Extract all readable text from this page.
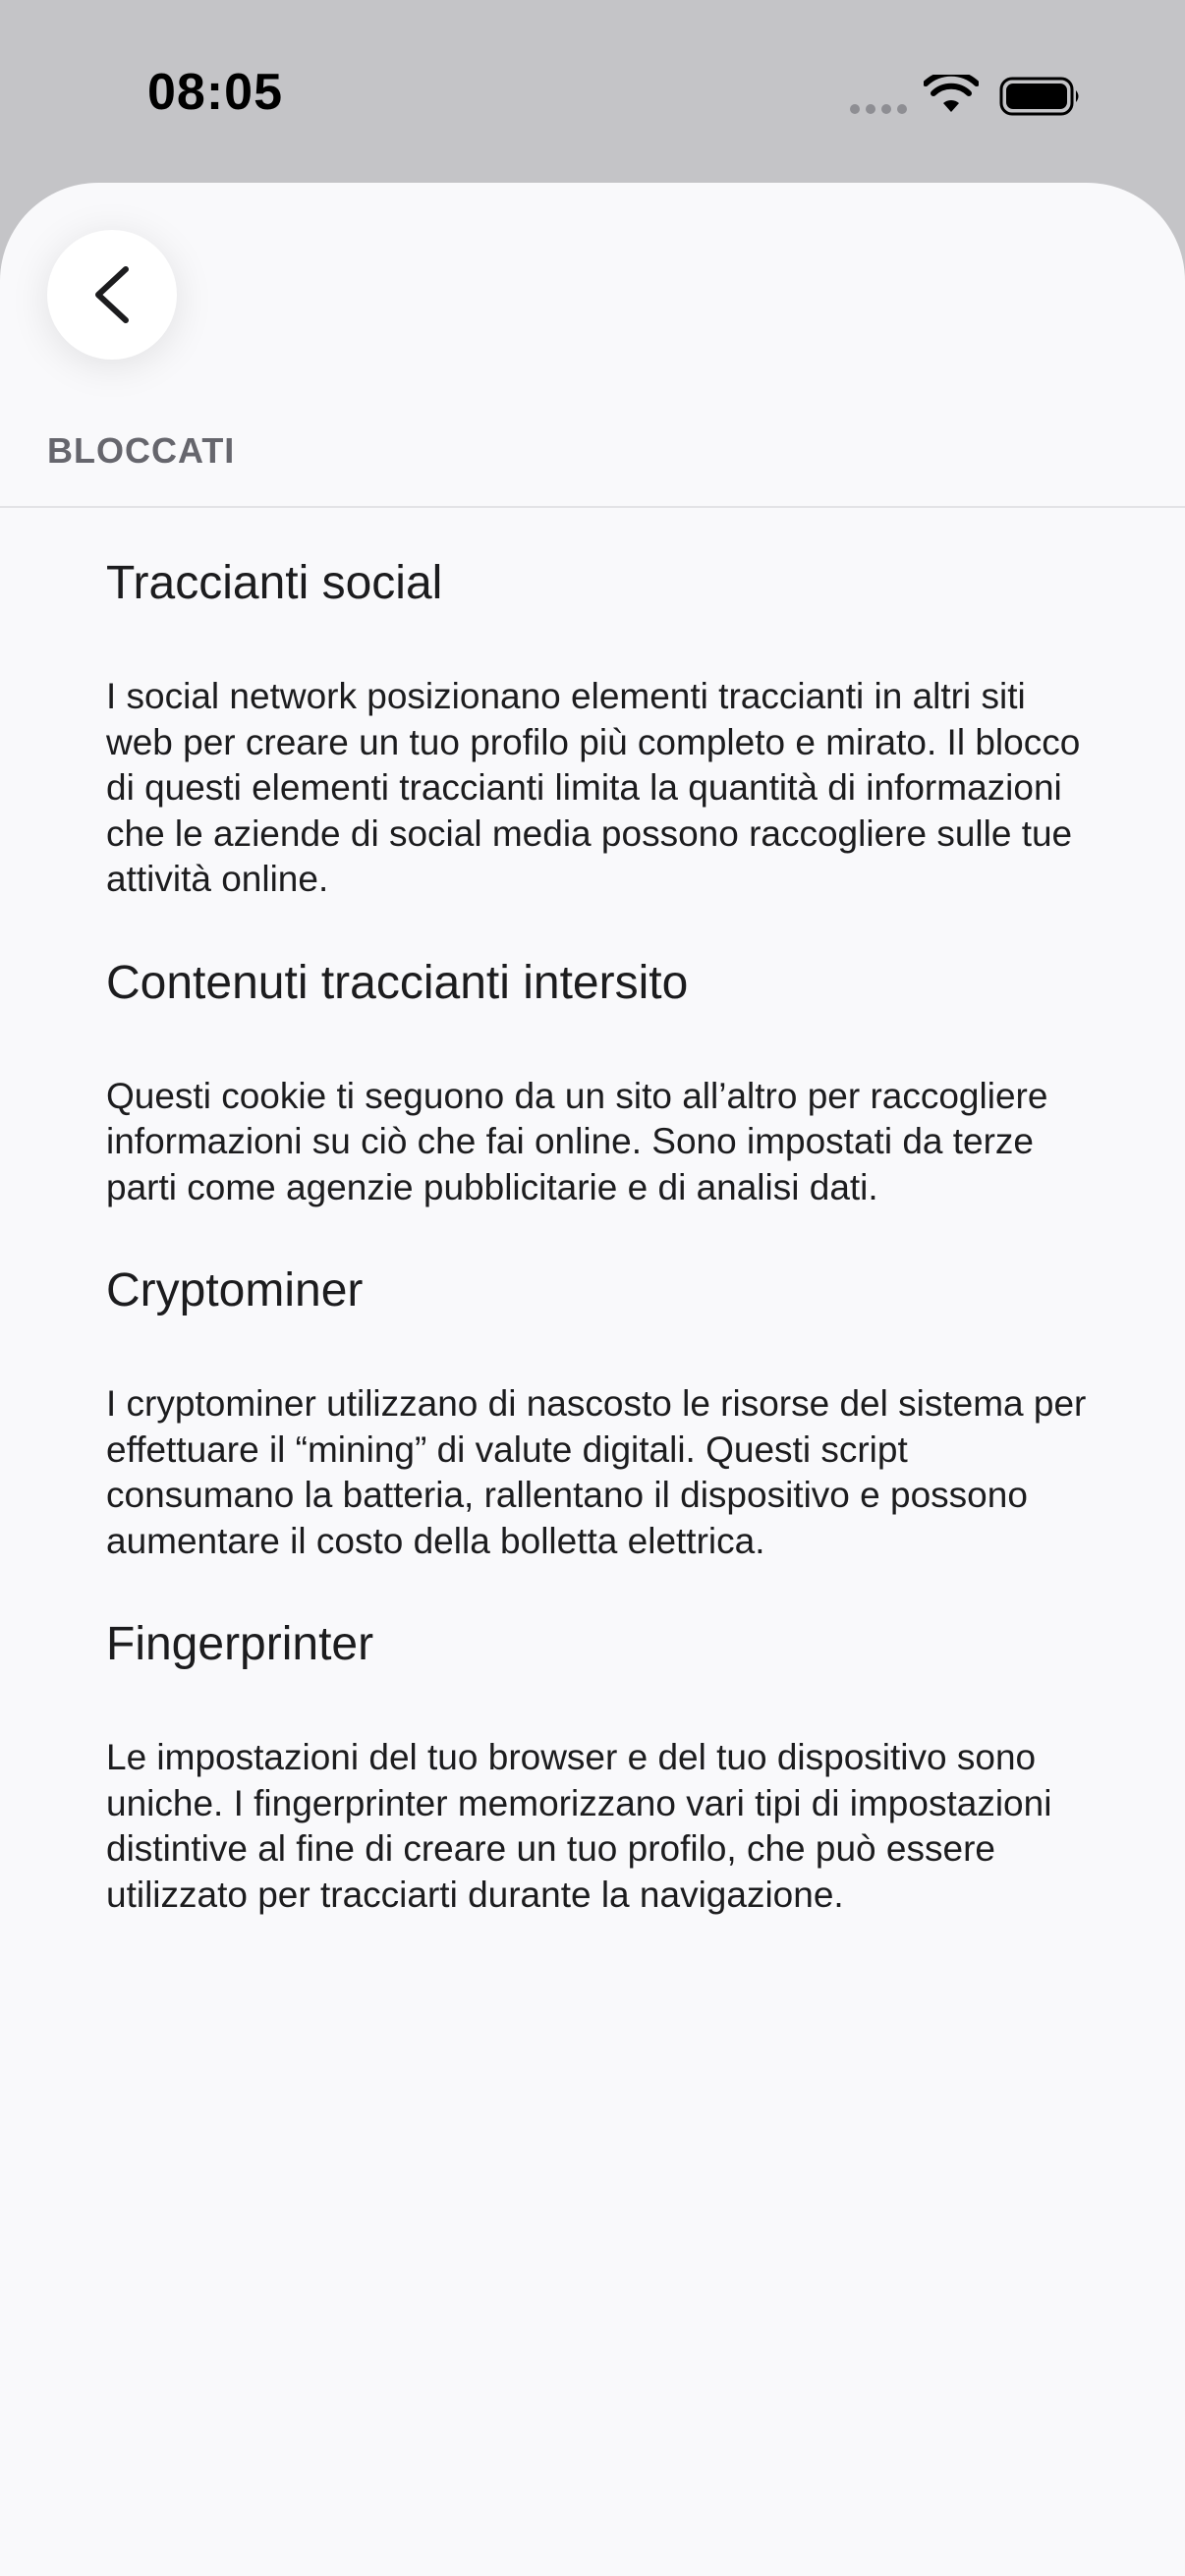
08:05
BLOCCATI

Traccianti social

I social network posizionano elementi traccianti in altri siti web per creare un tuo profilo più completo e mirato. Il blocco di questi elementi traccianti limita la quantità di informazioni che le aziende di social media possono raccogliere sulle tue attività online.

Contenuti traccianti intersito

Questi cookie ti seguono da un sito all’altro per raccogliere informazioni su ciò che fai online. Sono impostati da terze parti come agenzie pubblicitarie e di analisi dati.

Cryptominer

I cryptominer utilizzano di nascosto le risorse del sistema per effettuare il “mining” di valute digitali. Questi script consumano la batteria, rallentano il dispositivo e possono aumentare il costo della bolletta elettrica.

Fingerprinter

Le impostazioni del tuo browser e del tuo dispositivo sono uniche. I fingerprinter memorizzano vari tipi di impostazioni distintive al fine di creare un tuo profilo, che può essere utilizzato per tracciarti durante la navigazione.
